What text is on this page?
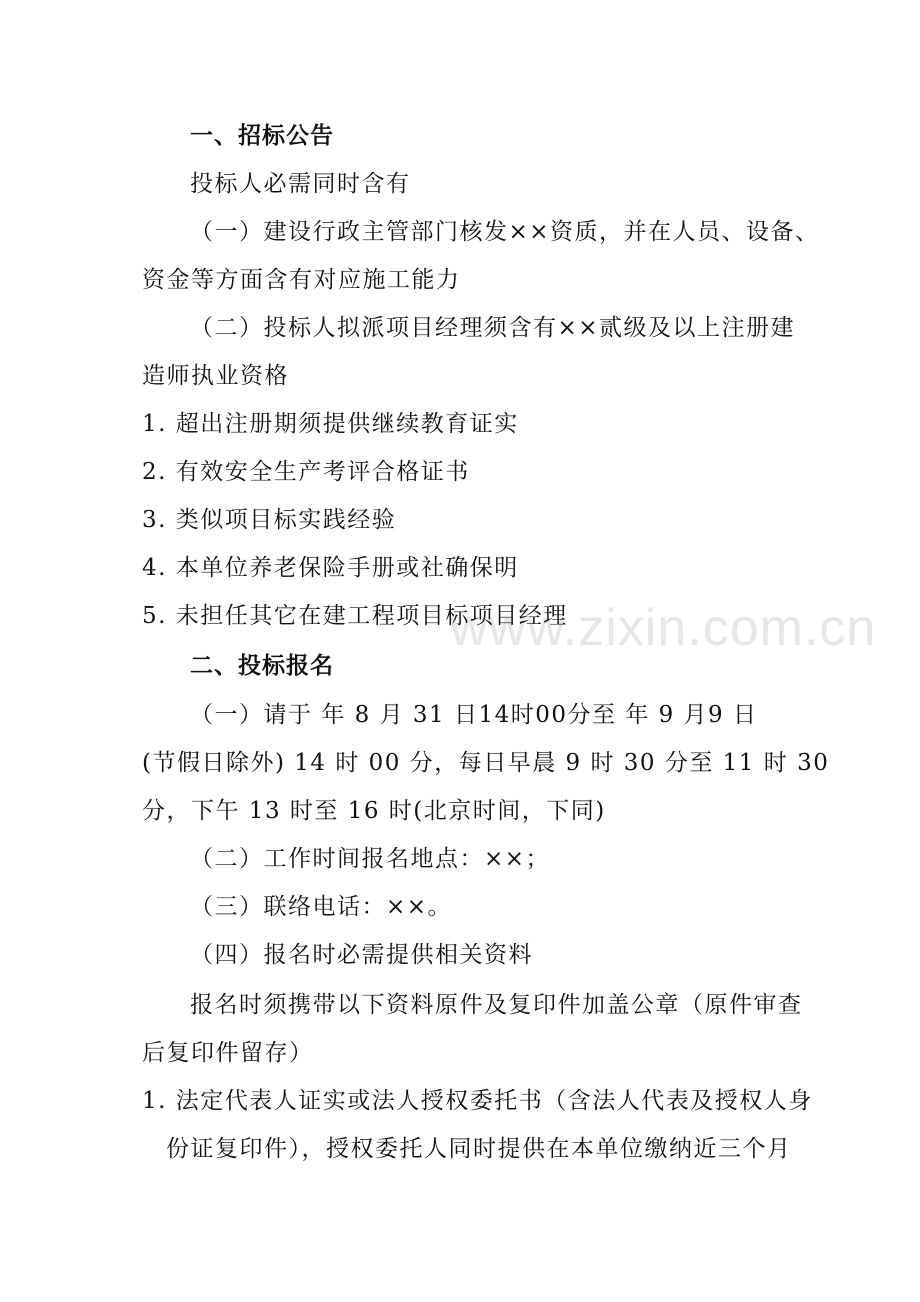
www.zixin.com.cn
一、招标公告
投标人必需同时含有
（一）建设行政主管部门核发××资质，并在人员、设备、
资金等方面含有对应施工能力
（二）投标人拟派项目经理须含有××贰级及以上注册建
造师执业资格
1. 超出注册期须提供继续教育证实
2. 有效安全生产考评合格证书
3. 类似项目标实践经验
4. 本单位养老保险手册或社确保明
5. 未担任其它在建工程项目标项目经理
二、投标报名
（一）请于 年 8 月 31 日14时00分至 年 9 月9 日
(节假日除外) 14 时 00 分，每日早晨 9 时 30 分至 11 时 30
分，下午 13 时至 16 时(北京时间，下同)
（二）工作时间报名地点：××；
（三）联络电话：××。
（四）报名时必需提供相关资料
报名时须携带以下资料原件及复印件加盖公章（原件审查
后复印件留存）
1. 法定代表人证实或法人授权委托书（含法人代表及授权人身
份证复印件），授权委托人同时提供在本单位缴纳近三个月
